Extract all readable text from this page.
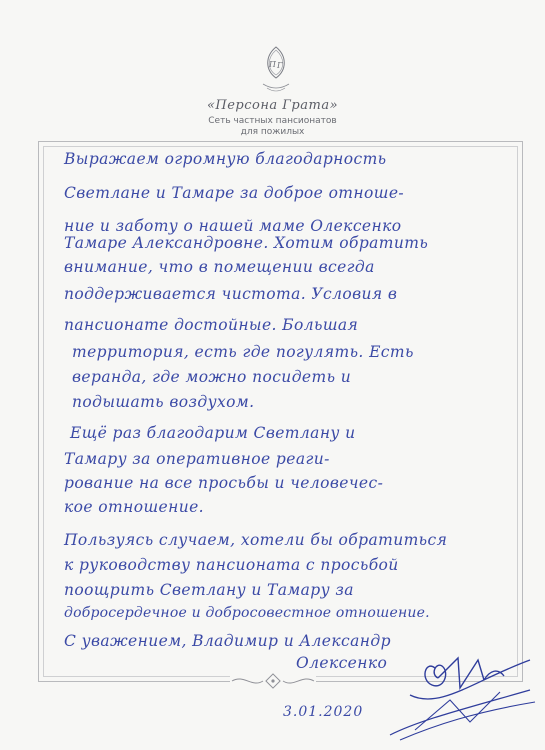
П Г
«Персона Грата»
Сеть частных пансионатов
для пожилых
Выражаем огромную благодарность
Светлане и Тамаре за доброе отноше-
ние и заботу о нашей маме Олексенко
Тамаре Александровне. Хотим обратить
внимание, что в помещении всегда
поддерживается чистота. Условия в
пансионате достойные. Большая
территория, есть где погулять. Есть
веранда, где можно посидеть и
подышать воздухом.
Ещё раз благодарим Светлану и
Тамару за оперативное реаги-
рование на все просьбы и человечес-
кое отношение.
Пользуясь случаем, хотели бы обратиться
к руководству пансионата с просьбой
поощрить Светлану и Тамару за
добросердечное и добросовестное отношение.
С уважением, Владимир и Александр
Олексенко
3.01.2020
